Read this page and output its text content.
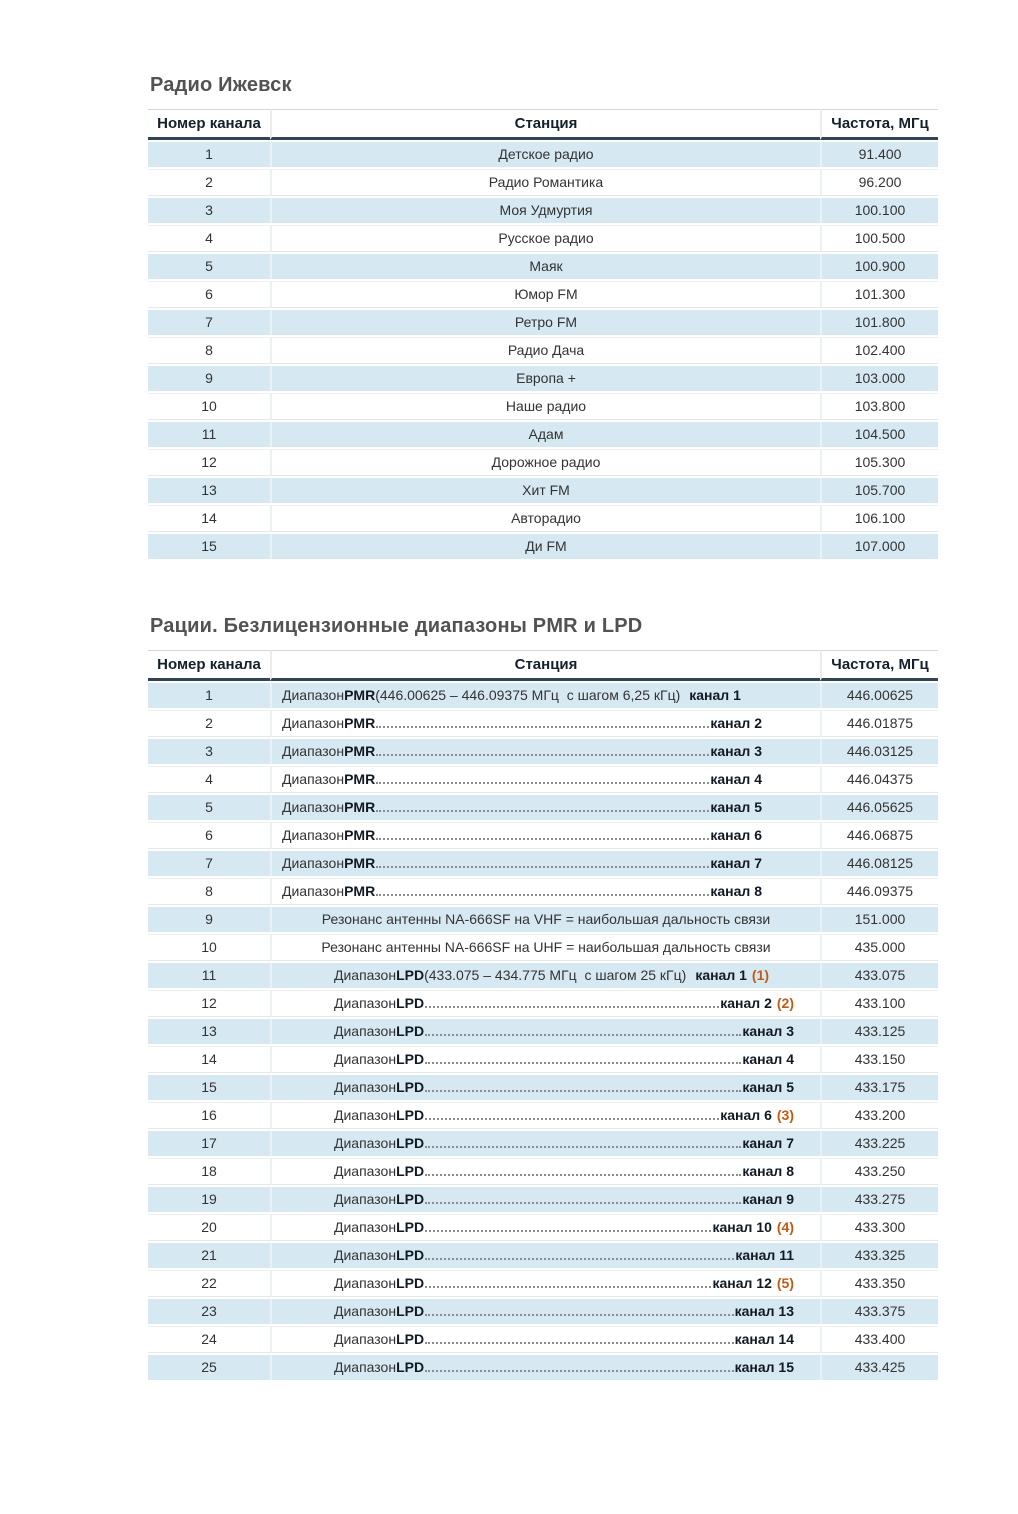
Радио Ижевск
Номер канала	Станция	Частота, МГц
1	Детское радио	91.400
2	Радио Романтика	96.200
3	Моя Удмуртия	100.100
4	Русское радио	100.500
5	Маяк	100.900
6	Юмор FM	101.300
7	Ретро FM	101.800
8	Радио Дача	102.400
9	Европа +	103.000
10	Наше радио	103.800
11	Адам	104.500
12	Дорожное радио	105.300
13	Хит FM	105.700
14	Авторадио	106.100
15	Ди FM	107.000
Рации. Безлицензионные диапазоны PMR и LPD
Номер канала	Станция	Частота, МГц
1	Диапазон PMR (446.00625 – 446.09375 МГц  с шагом 6,25 кГц) канал 1	446.00625
2	Диапазон PMR канал 2	446.01875
3	Диапазон PMR канал 3	446.03125
4	Диапазон PMR канал 4	446.04375
5	Диапазон PMR канал 5	446.05625
6	Диапазон PMR канал 6	446.06875
7	Диапазон PMR канал 7	446.08125
8	Диапазон PMR канал 8	446.09375
9	Резонанс антенны NA-666SF на VHF = наибольшая дальность связи	151.000
10	Резонанс антенны NA-666SF на UHF = наибольшая дальность связи	435.000
11	Диапазон LPD (433.075 – 434.775 МГц  с шагом 25 кГц) канал 1 (1)	433.075
12	Диапазон LPD канал 2 (2)	433.100
13	Диапазон LPD канал 3	433.125
14	Диапазон LPD канал 4	433.150
15	Диапазон LPD канал 5	433.175
16	Диапазон LPD канал 6 (3)	433.200
17	Диапазон LPD канал 7	433.225
18	Диапазон LPD канал 8	433.250
19	Диапазон LPD канал 9	433.275
20	Диапазон LPD канал 10 (4)	433.300
21	Диапазон LPD канал 11	433.325
22	Диапазон LPD канал 12 (5)	433.350
23	Диапазон LPD канал 13	433.375
24	Диапазон LPD канал 14	433.400
25	Диапазон LPD канал 15	433.425
